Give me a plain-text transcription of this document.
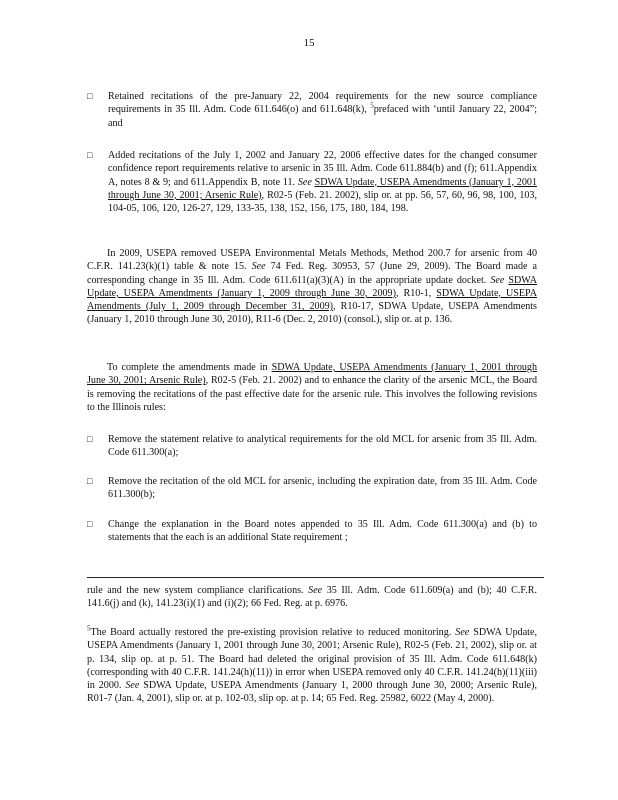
15
□ Retained recitations of the pre-January 22, 2004 requirements for the new source compliance requirements in 35 Ill. Adm. Code 611.646(o) and 611.648(k), $^5$prefaced with ‘until January 22, 2004”; and
□ Added recitations of the July 1, 2002 and January 22, 2006 effective dates for the changed consumer confidence report requirements relative to arsenic in 35 Ill. Adm. Code 611.884(b) and (f); 611.Appendix A, notes 8 & 9; and 611.Appendix B, note 11. See SDWA Update, USEPA Amendments (January 1, 2001 through June 30, 2001; Arsenic Rule), R02-5 (Feb. 21. 2002), slip or. at pp. 56, 57, 60, 96, 98, 100, 103, 104-05, 106, 120, 126-27, 129, 133-35, 138, 152, 156, 175, 180, 184, 198.
In 2009, USEPA removed USEPA Environmental Metals Methods, Method 200.7 for arsenic from 40 C.F.R. 141.23(k)(1) table & note 15. See 74 Fed. Reg. 30953, 57 (June 29, 2009). The Board made a corresponding change in 35 Ill. Adm. Code 611.611(a)(3)(A) in the appropriate update docket. See SDWA Update, USEPA Amendments (January 1, 2009 through June 30, 2009), R10-1, SDWA Update, USEPA Amendments (July 1, 2009 through December 31, 2009), R10-17, SDWA Update, USEPA Amendments (January 1, 2010 through June 30, 2010), R11-6 (Dec. 2, 2010) (consol.), slip or. at p. 136.
To complete the amendments made in SDWA Update, USEPA Amendments (January 1, 2001 through June 30, 2001; Arsenic Rule), R02-5 (Feb. 21. 2002) and to enhance the clarity of the arsenic MCL, the Board is removing the recitations of the past effective date for the arsenic rule. This involves the following revisions to the Illinois rules:
□ Remove the statement relative to analytical requirements for the old MCL for arsenic from 35 Ill. Adm. Code 611.300(a);
□ Remove the recitation of the old MCL for arsenic, including the expiration date, from 35 Ill. Adm. Code 611.300(b);
□ Change the explanation in the Board notes appended to 35 Ill. Adm. Code 611.300(a) and (b) to statements that the each is an additional State requirement ;
rule and the new system compliance clarifications. See 35 Ill. Adm. Code 611.609(a) and (b); 40 C.F.R. 141.6(j) and (k), 141.23(i)(1) and (i)(2); 66 Fed. Reg. at p. 6976.
$^5$The Board actually restored the pre-existing provision relative to reduced monitoring. See SDWA Update, USEPA Amendments (January 1, 2001 through June 30, 2001; Arsenic Rule), R02-5 (Feb. 21, 2002), slip or. at p. 134, slip op. at p. 51. The Board had deleted the original provision of 35 Ill. Adm. Code 611.648(k) (corresponding with 40 C.F.R. 141.24(h)(11)) in error when USEPA removed only 40 C.F.R. 141.24(h)(11)(iii) in 2000. See SDWA Update, USEPA Amendments (January 1, 2000 through June 30, 2000; Arsenic Rule), R01-7 (Jan. 4, 2001), slip or. at p. 102-03, slip op. at p. 14; 65 Fed. Reg. 25982, 6022 (May 4, 2000).
